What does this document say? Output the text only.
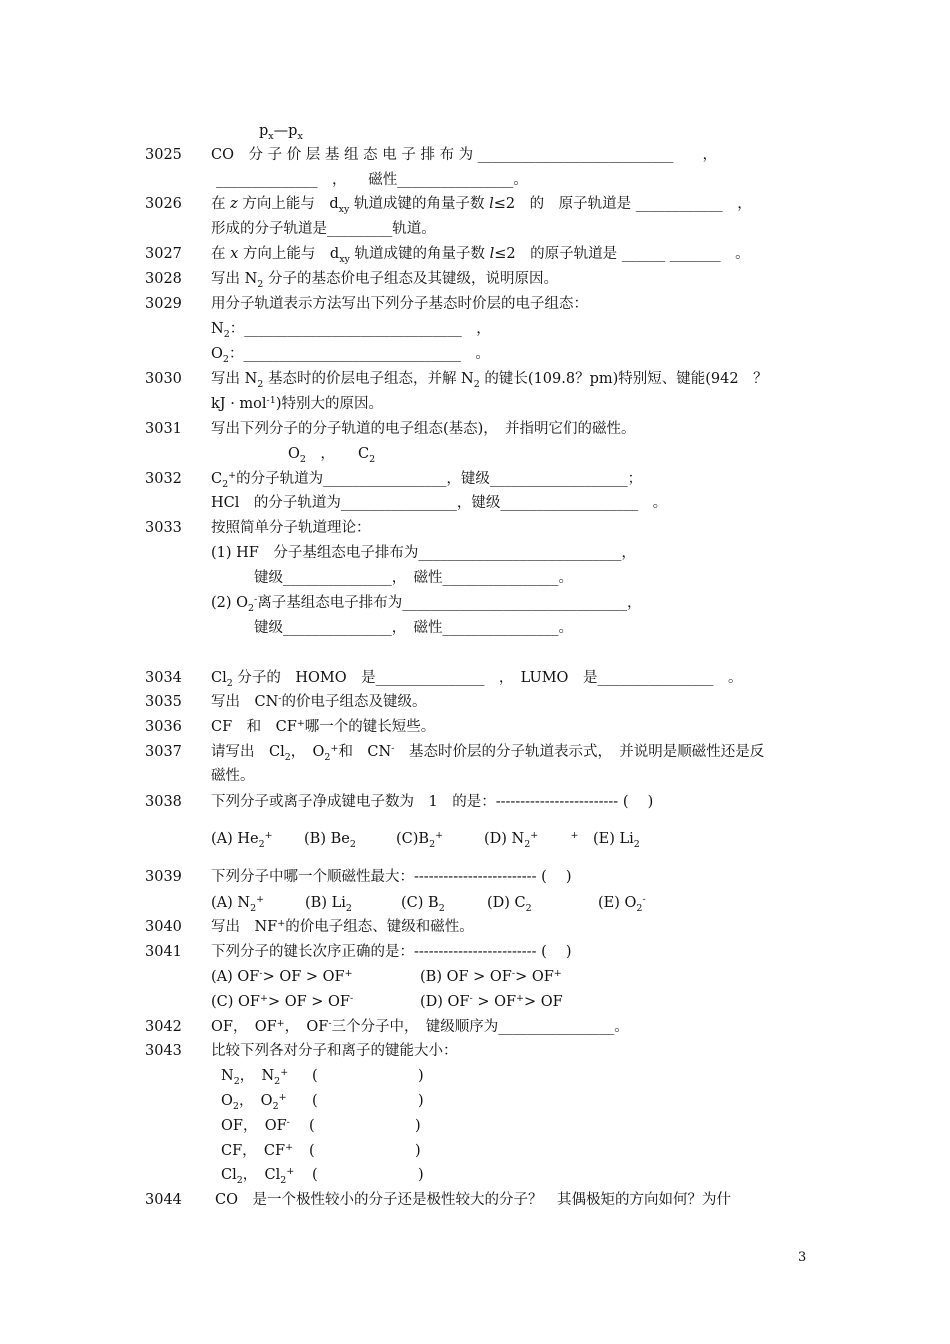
$p_x—p_x$
3025 CO　分 子 价 层 基 组 态 电 子 排 布 为 ___________________________　　，
______________　，　　磁性________________。
3026 在 z 方向上能与　$d_{xy}$ 轨道成键的角量子数 l≤2　的　原子轨道是 ____________　，
形成的分子轨道是_________轨道。
3027 在 x 方向上能与　$d_{xy}$ 轨道成键的角量子数 l≤2　的原子轨道是 ______ _______　。
3028 写出 $N_2$ 分子的基态价电子组态及其键级，说明原因。
3029 用分子轨道表示方法写出下列分子基态时价层的电子组态：
$N_2$：______________________________　，
$O_2$：______________________________　。
3030 写出 $N_2$ 基态时的价层电子组态，并解 $N_2$ 的键长(109.8？pm)特别短、键能(942　？
kJ · mol$^{-1}$)特别大的原因。
3031 写出下列分子的分子轨道的电子组态(基态)，　并指明它们的磁性。
$O_2$　， $C_2$
3032 $C_2^+$的分子轨道为_________________，键级___________________；
HCl　的分子轨道为________________，键级___________________　。
3033 按照简单分子轨道理论：
(1) HF　分子基组态电子排布为____________________________，
键级_______________，　磁性________________。
(2) $O_2^-$离子基组态电子排布为_______________________________，
键级_______________，　磁性________________。
3034 $Cl_2$ 分子的　HOMO　是_______________　，　LUMO　是________________　。
3035 写出　CN-的价电子组态及键级。
3036 CF　和　CF+哪一个的键长短些。
3037 请写出　$Cl_2$，　$O_2^+$和　CN-　基态时价层的分子轨道表示式，　并说明是顺磁性还是反
磁性。
3038 下列分子或离子净成键电子数为　1　的是：------------------------- (　 )
(A) $He_2^+$ (B) $Be_2$	$(C)B_2^+$	(D) $N_2^+$	+ (E) $Li_2$
3039 下列分子中哪一个顺磁性最大：------------------------- (　 )
(A) $N_2^+$	(B) $Li_2$	(C) $B_2$	(D) $C_2$	(E) $O_2^-$
3040 写出　NF+的价电子组态、键级和磁性。
3041 下列分子的键长次序正确的是：------------------------- (　 )
(A) OF-> OF > OF+	(B) OF > OF-> OF+
(C) OF+> OF > OF-	(D) OF- > OF+> OF
3042 OF，　OF+，　OF-三个分子中，　键级顺序为________________。
3043 比较下列各对分子和离子的键能大小：
$N_2$，　$N_2^+$ (	)
$O_2$，　$O_2^+$ (	)
OF，　OF- (	)
CF，　CF+ (	)
$Cl_2$，　$Cl_2^+$ (	)
3044 CO　是一个极性较小的分子还是极性较大的分子？　其偶极矩的方向如何？为什
3
